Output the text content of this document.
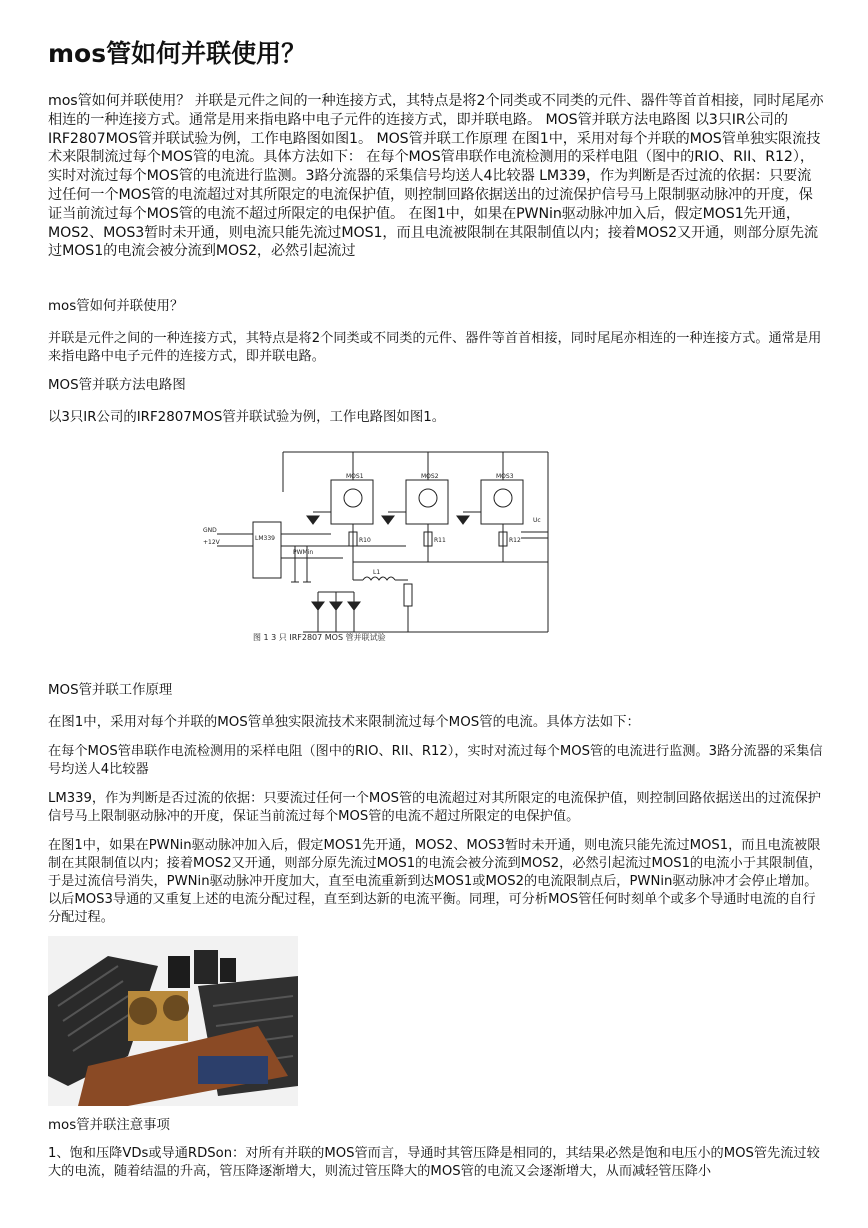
mos管如何并联使用？

mos管如何并联使用？ 并联是元件之间的一种连接方式，其特点是将2个同类或不同类的元件、器件等首首相接，同时尾尾亦相连的一种连接方式。通常是用来指电路中电子元件的连接方式，即并联电路。 MOS管并联方法电路图 以3只IR公司的IRF2807MOS管并联试验为例，工作电路图如图1。 MOS管并联工作原理 在图1中，采用对每个并联的MOS管单独实限流技术来限制流过每个MOS管的电流。具体方法如下： 在每个MOS管串联作电流检测用的采样电阻（图中的RIO、RII、R12），实时对流过每个MOS管的电流进行监测。3路分流器的采集信号均送人4比较器 LM339，作为判断是否过流的依据：只要流过任何一个MOS管的电流超过对其所限定的电流保护值，则控制回路依据送出的过流保护信号马上限制驱动脉冲的开度，保证当前流过每个MOS管的电流不超过所限定的电保护值。 在图1中，如果在PWNin驱动脉冲加入后，假定MOS1先开通，MOS2、MOS3暂时未开通，则电流只能先流过MOS1，而且电流被限制在其限制值以内；接着MOS2又开通，则部分原先流过MOS1的电流会被分流到MOS2，必然引起流过

mos管如何并联使用？

并联是元件之间的一种连接方式，其特点是将2个同类或不同类的元件、器件等首首相接，同时尾尾亦相连的一种连接方式。通常是用来指电路中电子元件的连接方式，即并联电路。

MOS管并联方法电路图

以3只IR公司的IRF2807MOS管并联试验为例，工作电路图如图1。

MOS1	MOS2	MOS3
LM339
GND
+12V	R10	R11	R12
L1
Uc
PWMin
图 1 3 只 IRF2807 MOS 管并联试验

MOS管并联工作原理

在图1中，采用对每个并联的MOS管单独实限流技术来限制流过每个MOS管的电流。具体方法如下：

在每个MOS管串联作电流检测用的采样电阻（图中的RIO、RII、R12），实时对流过每个MOS管的电流进行监测。3路分流器的采集信号均送人4比较器

LM339，作为判断是否过流的依据：只要流过任何一个MOS管的电流超过对其所限定的电流保护值，则控制回路依据送出的过流保护信号马上限制驱动脉冲的开度，保证当前流过每个MOS管的电流不超过所限定的电保护值。

在图1中，如果在PWNin驱动脉冲加入后，假定MOS1先开通，MOS2、MOS3暂时未开通，则电流只能先流过MOS1，而且电流被限制在其限制值以内；接着MOS2又开通，则部分原先流过MOS1的电流会被分流到MOS2，必然引起流过MOS1的电流小于其限制值，于是过流信号消失，PWNin驱动脉冲开度加大，直至电流重新到达MOS1或MOS2的电流限制点后，PWNin驱动脉冲才会停止增加。以后MOS3导通的又重复上述的电流分配过程，直至到达新的电流平衡。同理，可分析MOS管任何时刻单个或多个导通时电流的自行分配过程。

mos管并联注意事项

1、饱和压降VDs或导通RDSon：对所有并联的MOS管而言，导通时其管压降是相同的，其结果必然是饱和电压小的MOS管先流过较大的电流，随着结温的升高，管压降逐渐增大，则流过管压降大的MOS管的电流又会逐渐增大，从而减轻管压降小
